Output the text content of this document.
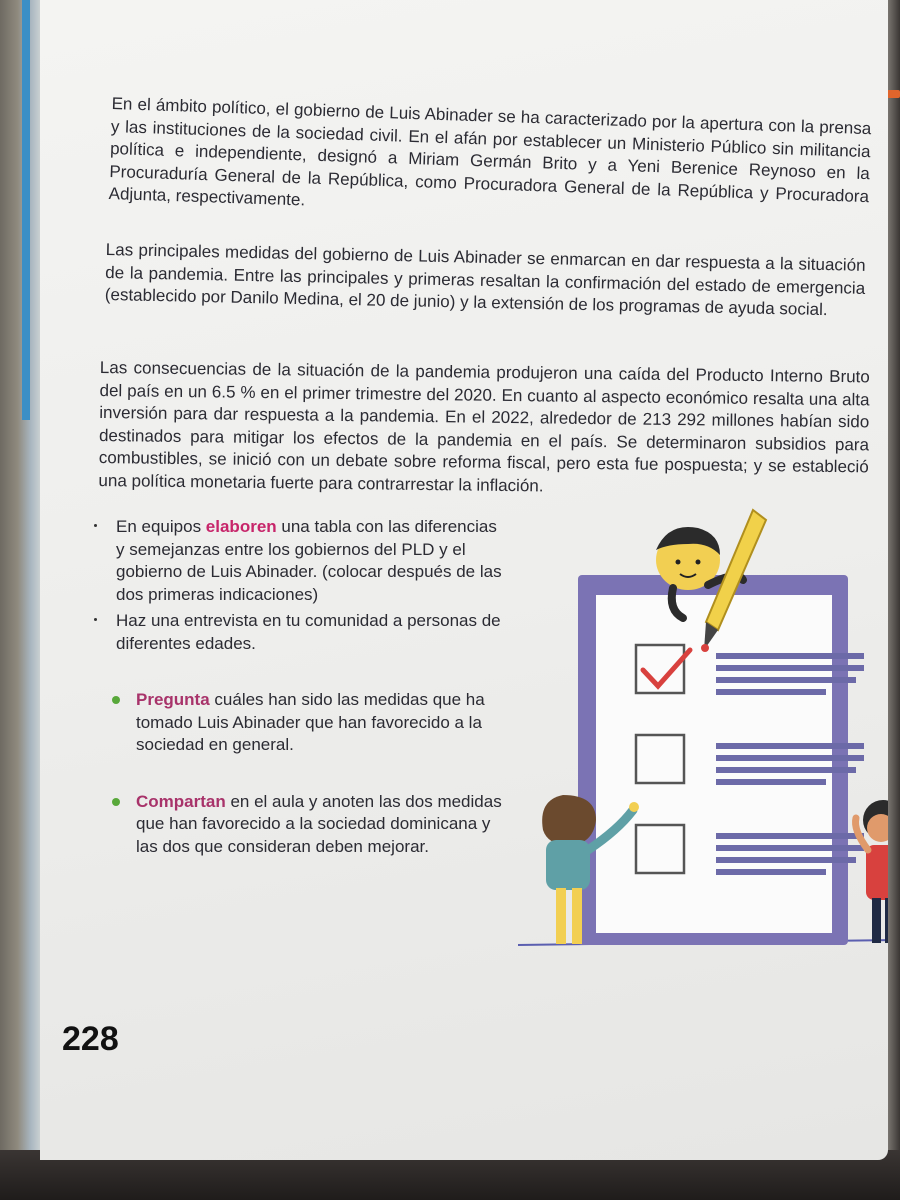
En el ámbito político, el gobierno de Luis Abinader se ha caracterizado por la apertura con la prensa y las instituciones de la sociedad civil. En el afán por establecer un Ministerio Público sin militancia política e independiente, designó a Miriam Germán Brito y a Yeni Berenice Reynoso en la Procuraduría General de la República, como Procuradora General de la República y Procuradora Adjunta, respectivamente.

Las principales medidas del gobierno de Luis Abinader se enmarcan en dar respuesta a la situación de la pandemia. Entre las principales y primeras resaltan la confirmación del estado de emergencia (establecido por Danilo Medina, el 20 de junio) y la extensión de los programas de ayuda social.

Las consecuencias de la situación de la pandemia produjeron una caída del Producto Interno Bruto del país en un 6.5 % en el primer trimestre del 2020. En cuanto al aspecto económico resalta una alta inversión para dar respuesta a la pandemia. En el 2022, alrededor de 213 292 millones habían sido destinados para mitigar los efectos de la pandemia en el país. Se determinaron subsidios para combustibles, se inició con un debate sobre reforma fiscal, pero esta fue pospuesta; y se estableció una política monetaria fuerte para contrarrestar la inflación.

En equipos elaboren una tabla con las diferencias y semejanzas entre los gobiernos del PLD y el gobierno de Luis Abinader. (colocar después de las dos primeras indicaciones)
Haz una entrevista en tu comunidad a personas de diferentes edades.
Pregunta cuáles han sido las medidas que ha tomado Luis Abinader que han favorecido a la sociedad en general.
Compartan en el aula y anoten las dos medidas que han favorecido a la sociedad dominicana y las dos que consideran deben mejorar.
228
